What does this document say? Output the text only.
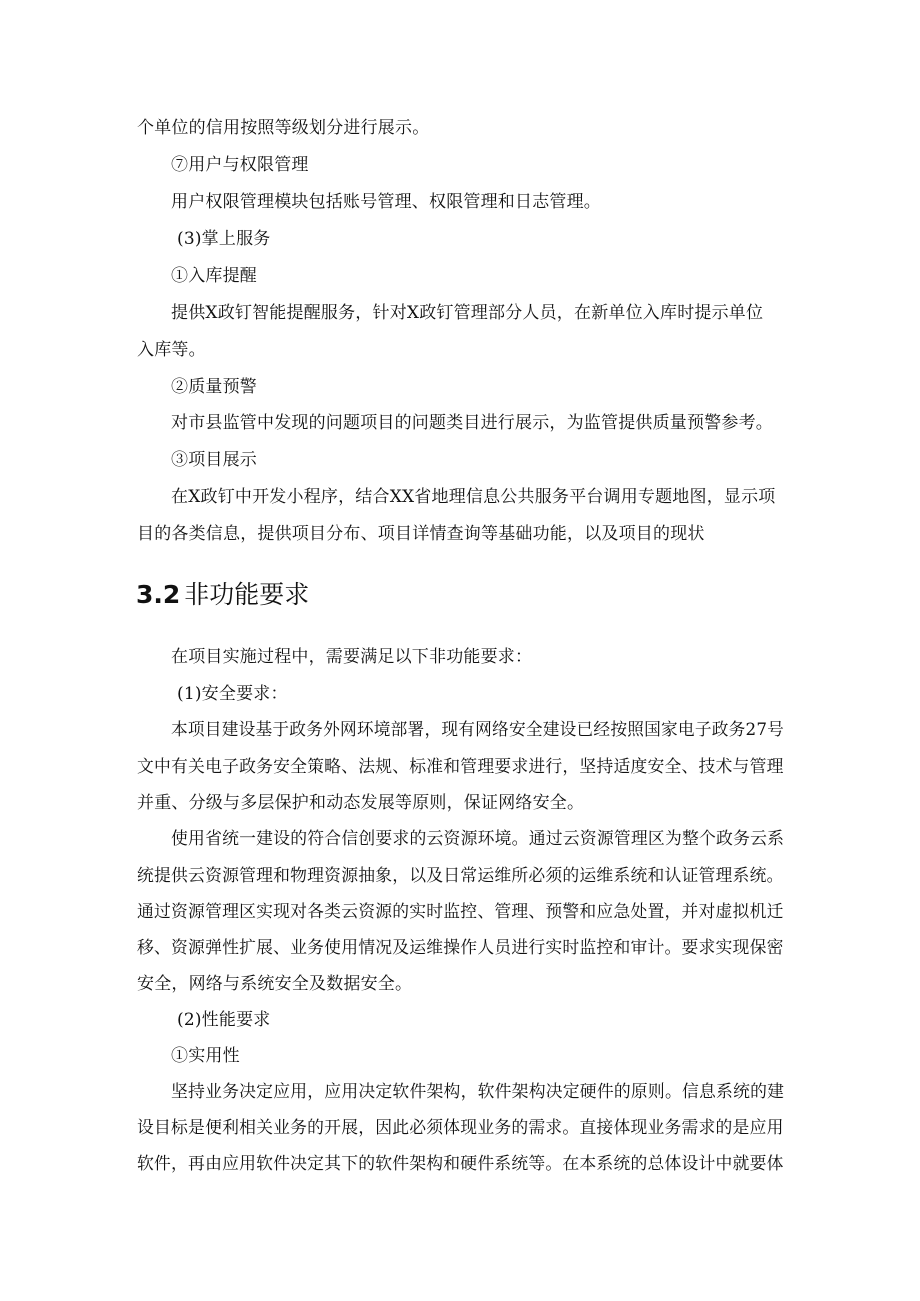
个单位的信用按照等级划分进行展示。
⑦用户与权限管理
用户权限管理模块包括账号管理、权限管理和日志管理。
(3)掌上服务
①入库提醒
提供X政钉智能提醒服务，针对X政钉管理部分人员，在新单位入库时提示单位
入库等。
②质量预警
对市县监管中发现的问题项目的问题类目进行展示，为监管提供质量预警参考。
③项目展示
在X政钉中开发小程序，结合XX省地理信息公共服务平台调用专题地图，显示项
目的各类信息，提供项目分布、项目详情查询等基础功能，以及项目的现状
3.2 非功能要求
在项目实施过程中，需要满足以下非功能要求：
(1)安全要求：
本项目建设基于政务外网环境部署，现有网络安全建设已经按照国家电子政务27号
文中有关电子政务安全策略、法规、标准和管理要求进行，坚持适度安全、技术与管理
并重、分级与多层保护和动态发展等原则，保证网络安全。
使用省统一建设的符合信创要求的云资源环境。通过云资源管理区为整个政务云系
统提供云资源管理和物理资源抽象，以及日常运维所必须的运维系统和认证管理系统。
通过资源管理区实现对各类云资源的实时监控、管理、预警和应急处置，并对虚拟机迁
移、资源弹性扩展、业务使用情况及运维操作人员进行实时监控和审计。要求实现保密
安全，网络与系统安全及数据安全。
(2)性能要求
①实用性
坚持业务决定应用，应用决定软件架构，软件架构决定硬件的原则。信息系统的建
设目标是便利相关业务的开展，因此必须体现业务的需求。直接体现业务需求的是应用
软件，再由应用软件决定其下的软件架构和硬件系统等。在本系统的总体设计中就要体
